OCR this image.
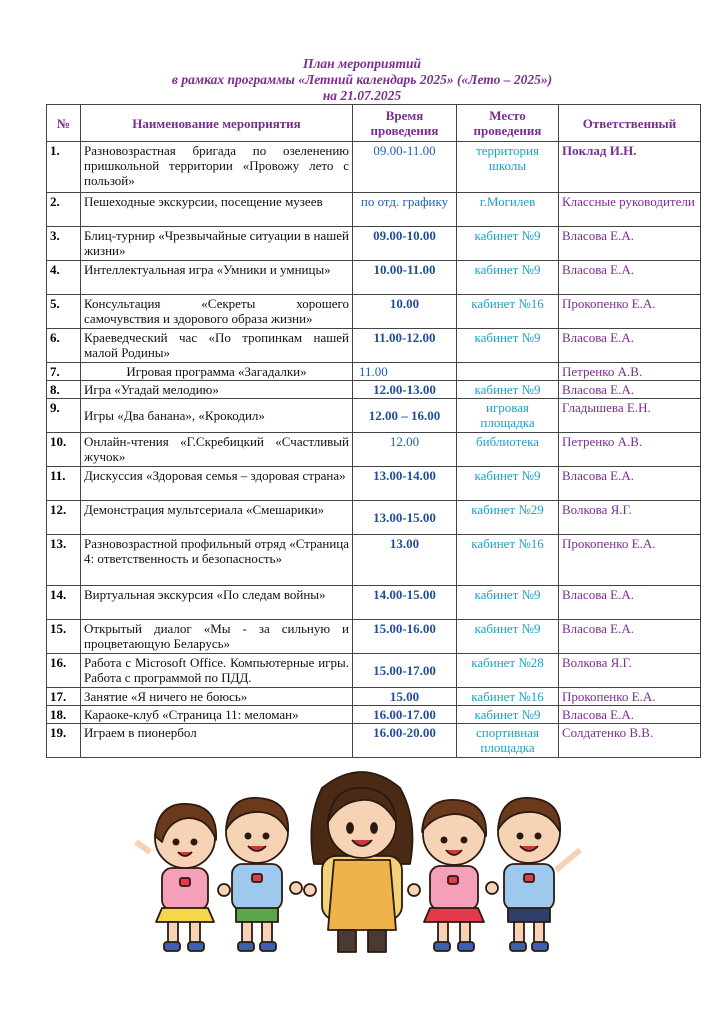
План мероприятий
в рамках программы «Летний календарь 2025» («Лето – 2025»)
на 21.07.2025
№	Наименование мероприятия	Время проведения	Место проведения	Ответственный
1.	Разновозрастная бригада по озеленению пришкольной территории «Провожу лето с пользой»	09.00-11.00	территория школы	Поклад И.Н.
2.	Пешеходные экскурсии, посещение музеев	по отд. графику	г.Могилев	Классные руководители
3.	Блиц-турнир «Чрезвычайные ситуации в нашей жизни»	09.00-10.00	кабинет №9	Власова Е.А.
4.	Интеллектуальная игра «Умники и умницы»	10.00-11.00	кабинет №9	Власова Е.А.
5.	Консультация «Секреты хорошего самочувствия и здорового образа жизни»	10.00	кабинет №16	Прокопенко Е.А.
6.	Краеведческий час «По тропинкам нашей малой Родины»	11.00-12.00	кабинет №9	Власова Е.А.
7.	Игровая программа «Загадалки»	11.00		Петренко А.В.
8.	Игра «Угадай мелодию»	12.00-13.00	кабинет №9	Власова Е.А.
9.	Игры «Два банана», «Крокодил»	12.00 – 16.00	игровая площадка	Гладышева Е.Н.
10.	Онлайн-чтения «Г.Скребицкий «Счастливый жучок»	12.00	библиотека	Петренко А.В.
11.	Дискуссия «Здоровая семья – здоровая страна»	13.00-14.00	кабинет №9	Власова Е.А.
12.	Демонстрация мультсериала «Смешарики»	13.00-15.00	кабинет №29	Волкова Я.Г.
13.	Разновозрастной профильный отряд «Страница 4: ответственность и безопасность»	13.00	кабинет №16	Прокопенко Е.А.
14.	Виртуальная экскурсия «По следам войны»	14.00-15.00	кабинет №9	Власова Е.А.
15.	Открытый диалог «Мы - за сильную и процветающую Беларусь»	15.00-16.00	кабинет №9	Власова Е.А.
16.	Работа с Microsoft Office. Компьютерные игры. Работа с программой по ПДД.	15.00-17.00	кабинет №28	Волкова Я.Г.
17.	Занятие «Я ничего не боюсь»	15.00	кабинет №16	Прокопенко Е.А.
18.	Караоке-клуб «Страница 11: меломан»	16.00-17.00	кабинет №9	Власова Е.А.
19.	Играем в пионербол	16.00-20.00	спортивная площадка	Солдатенко В.В.
